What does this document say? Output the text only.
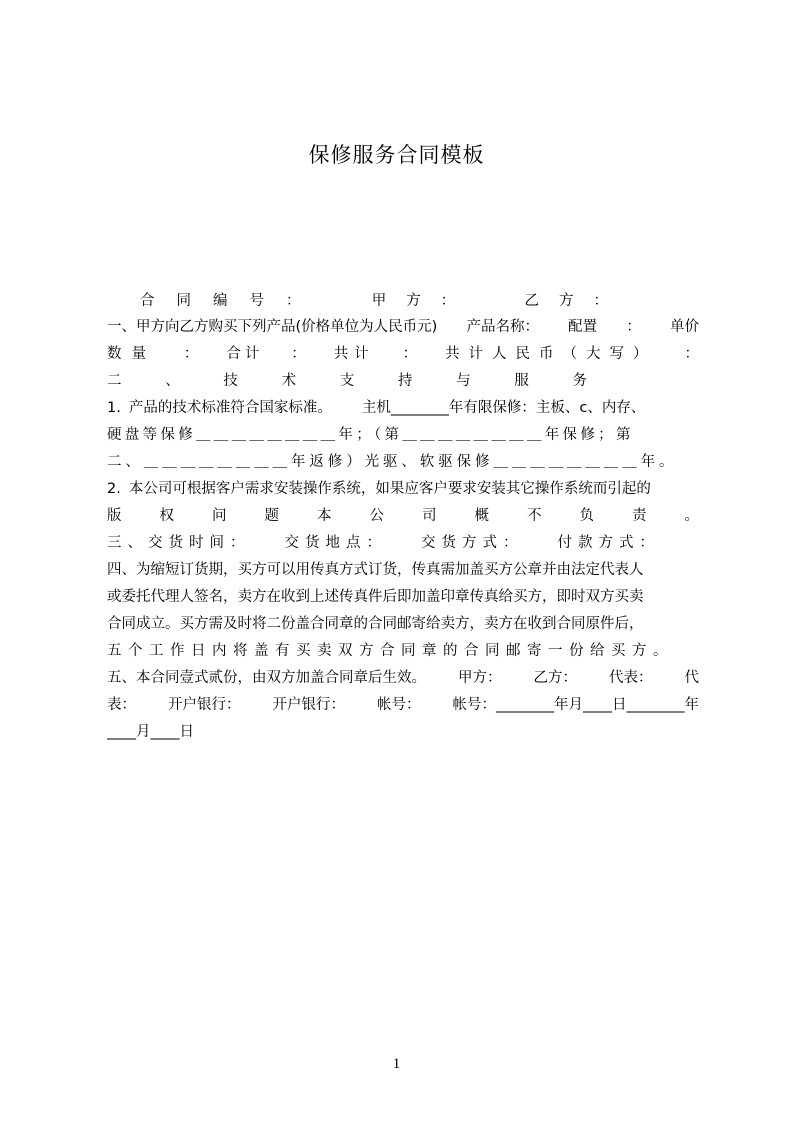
保修服务合同模板
合同编号：	甲方：	乙方：
一、甲方向乙方购买下列产品(价格单位为人民币元) 产品名称： 配置 ： 单价
数量 ： 合计 ： 共计 ： 共计人民币（大写） ：
二	、	技	术	支	持	与	服	务
1. 产品的技术标准符合国家标准。 主机________年有限保修：主板、c、内存、
硬盘等保修＿＿＿＿＿＿＿＿年；（第＿＿＿＿＿＿＿＿年保修；第
二、＿＿＿＿＿＿＿＿年返修）光驱、软驱保修＿＿＿＿＿＿＿＿年。
2. 本公司可根据客户需求安装操作系统，如果应客户要求安装其它操作系统而引起的
版	权	问	题	本	公	司	概	不	负	责	。
三、交货时间： 交货地点： 交货方式： 付款方式：
四、为缩短订货期，买方可以用传真方式订货，传真需加盖买方公章并由法定代表人
或委托代理人签名，卖方在收到上述传真件后即加盖印章传真给买方，即时双方买卖
合同成立。买方需及时将二份盖合同章的合同邮寄给卖方，卖方在收到合同原件后，
五个工作日内将盖有买卖双方合同章的合同邮寄一份给买方。
五、本合同壹式贰份，由双方加盖合同章后生效。 甲方： 乙方： 代表： 代
表： 开户银行： 开户银行： 帐号： 帐号：________年月____日________年
____月____日
1
